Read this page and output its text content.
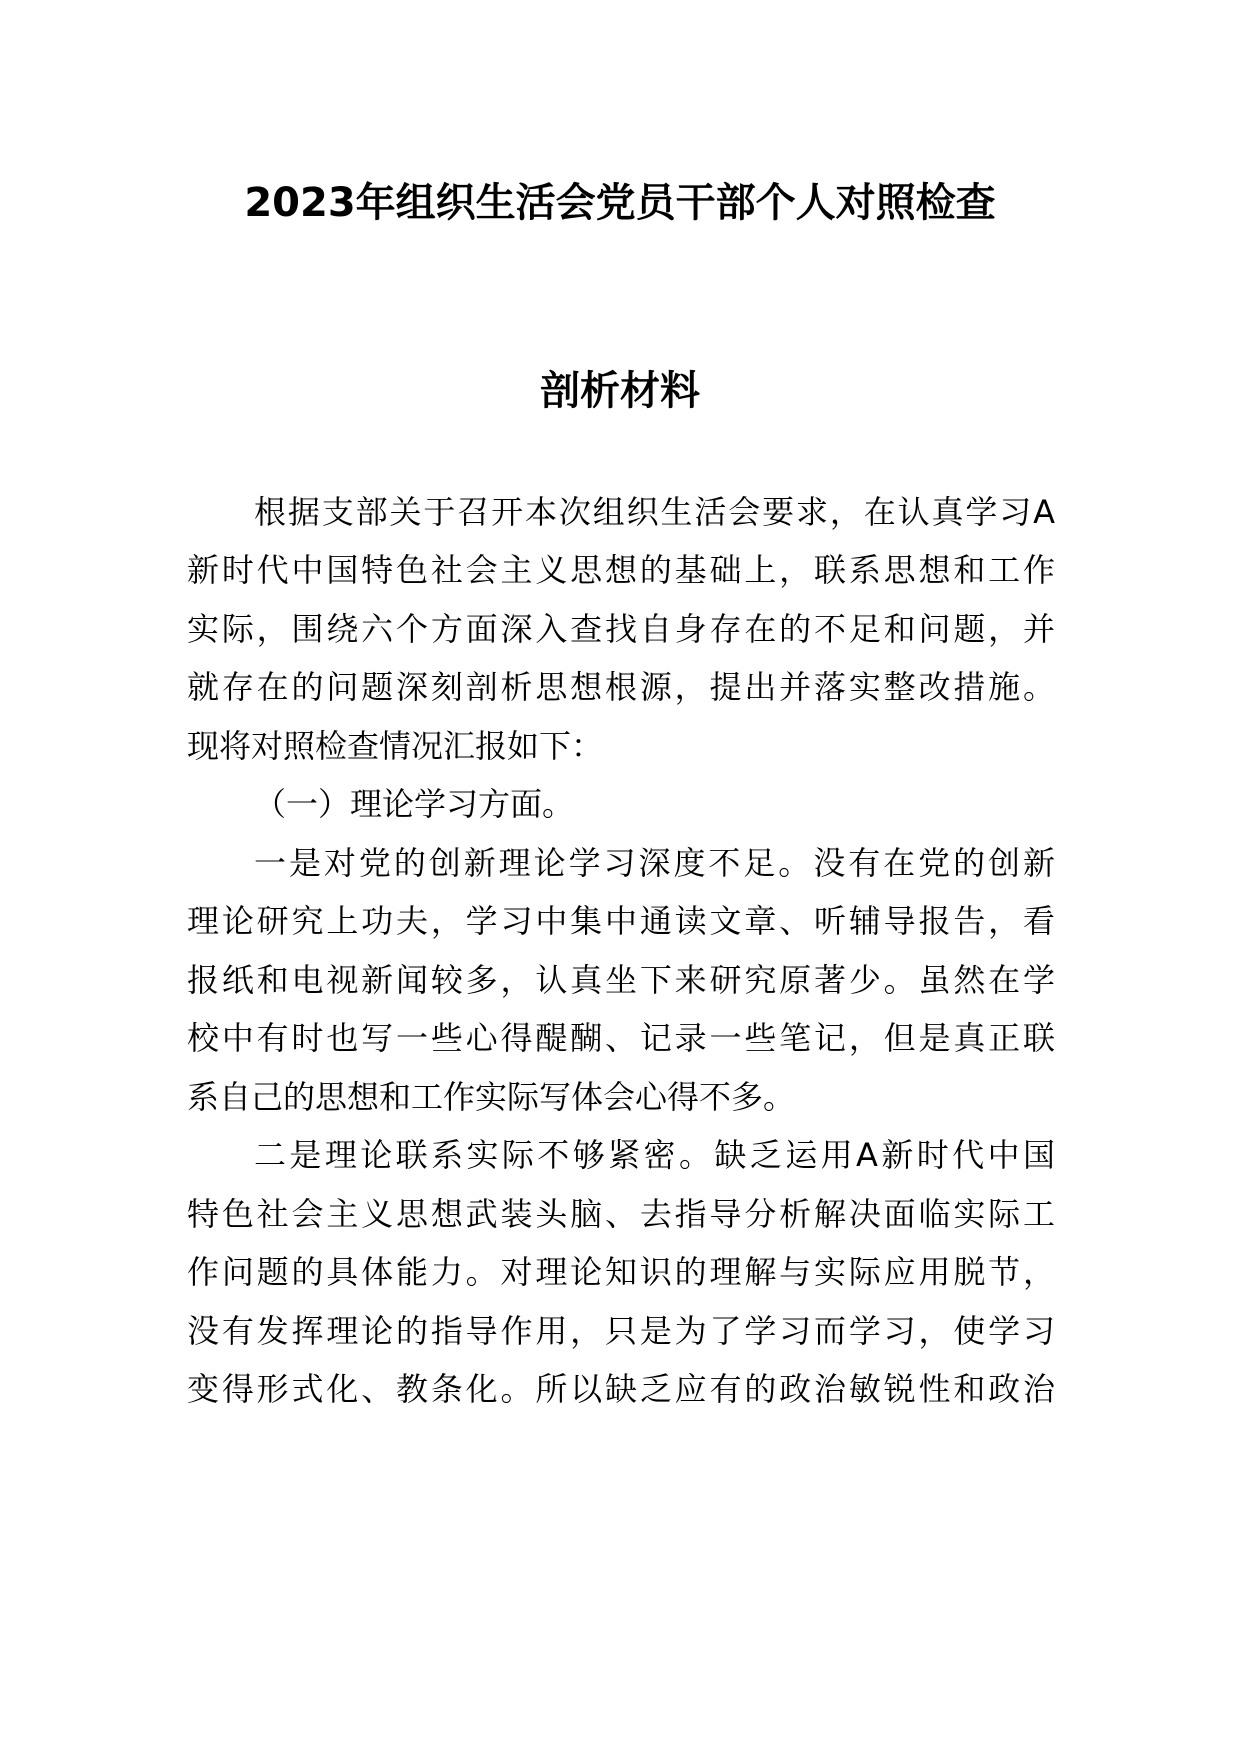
2023年组织生活会党员干部个人对照检查
剖析材料
根据支部关于召开本次组织生活会要求，在认真学习A
新时代中国特色社会主义思想的基础上，联系思想和工作
实际，围绕六个方面深入查找自身存在的不足和问题，并
就存在的问题深刻剖析思想根源，提出并落实整改措施。
现将对照检查情况汇报如下：
（一）理论学习方面。
一是对党的创新理论学习深度不足。没有在党的创新
理论研究上功夫，学习中集中通读文章、听辅导报告，看
报纸和电视新闻较多，认真坐下来研究原著少。虽然在学
校中有时也写一些心得醍醐、记录一些笔记，但是真正联
系自己的思想和工作实际写体会心得不多。
二是理论联系实际不够紧密。缺乏运用A新时代中国
特色社会主义思想武装头脑、去指导分析解决面临实际工
作问题的具体能力。对理论知识的理解与实际应用脱节，
没有发挥理论的指导作用，只是为了学习而学习，使学习
变得形式化、教条化。所以缺乏应有的政治敏锐性和政治
